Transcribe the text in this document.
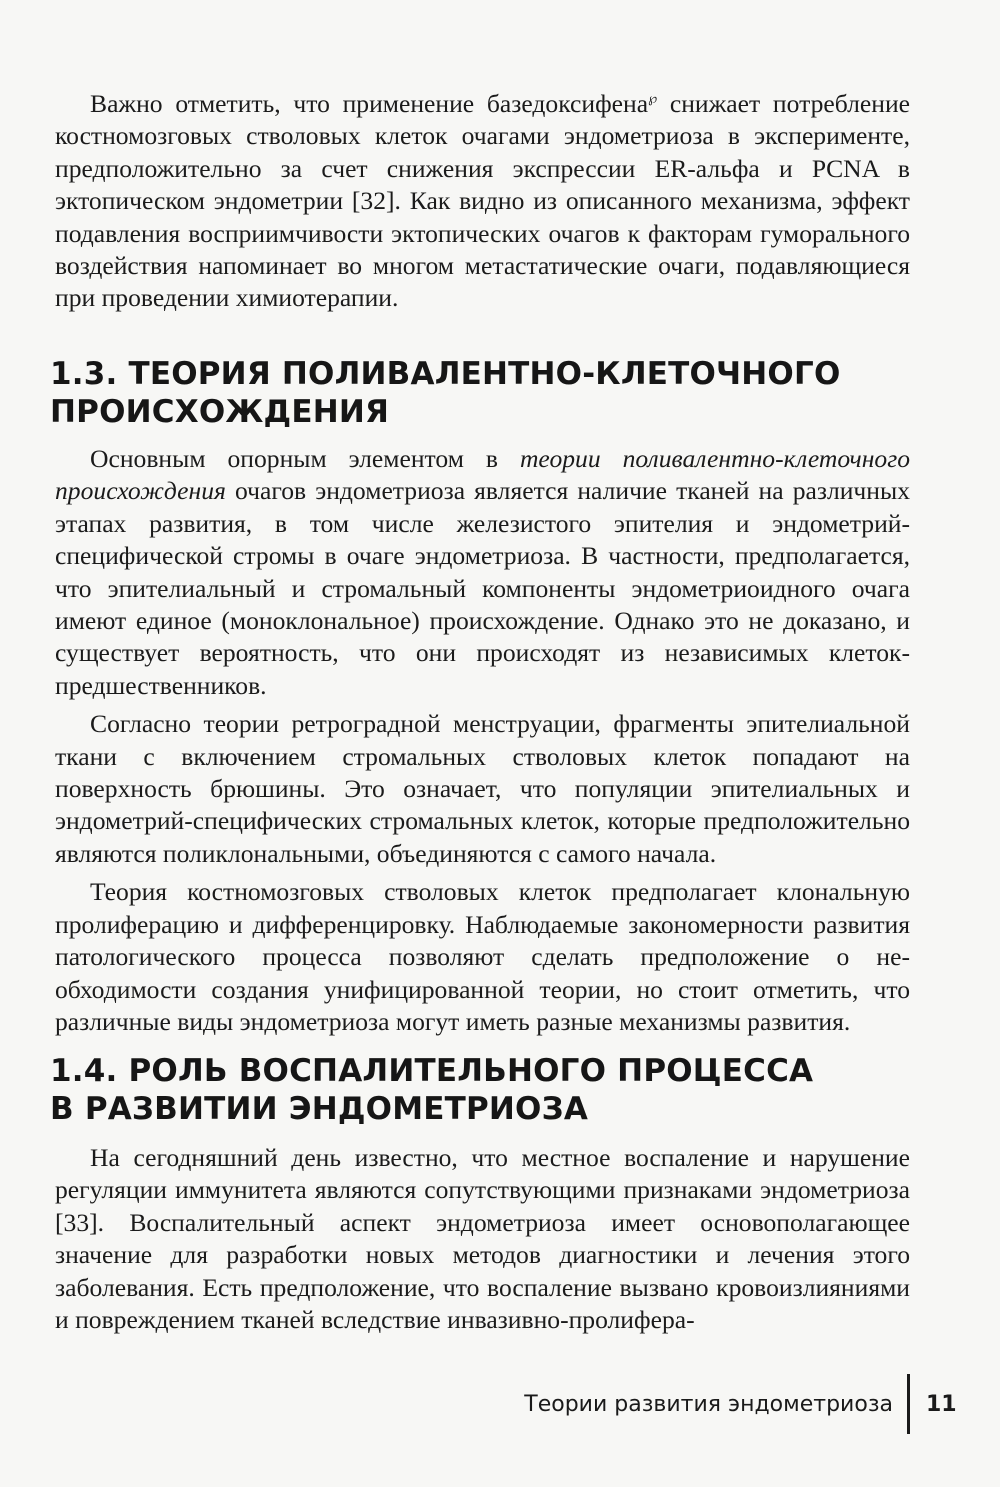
Важно отметить, что применение базедоксифена℘ снижает потребление костномозговых стволовых клеток очагами эндометриоза в эксперименте, предположительно за счет снижения экспрессии ER-альфа и PCNA в эктопическом эндометрии [32]. Как видно из описанного механизма, эффект подавления восприимчивости эктопических очагов к факторам гуморального воздействия напоминает во многом метастатические очаги, подавляющиеся при проведении химиотерапии.

1.3. ТЕОРИЯ ПОЛИВАЛЕНТНО-КЛЕТОЧНОГО
ПРОИСХОЖДЕНИЯ

Основным опорным элементом в теории поливалентно-клеточного происхождения очагов эндометриоза является наличие тканей на различных этапах развития, в том числе железистого эпителия и эндометрий-специфической стромы в очаге эндометриоза. В частности, предполагается, что эпителиальный и стромальный компоненты эндометриоидного очага имеют единое (моноклональное) происхождение. Однако это не доказано, и существует вероятность, что они происходят из независимых клеток-предшественников.

Согласно теории ретроградной менструации, фрагменты эпителиальной ткани с включением стромальных стволовых клеток попадают на поверхность брюшины. Это означает, что популяции эпителиальных и эндометрий-специфических стромальных клеток, которые предположительно являются поликлональными, объединяются с самого начала.

Теория костномозговых стволовых клеток предполагает клональную пролиферацию и дифференцировку. Наблюдаемые закономерности развития патологического процесса позволяют сделать предположение о необходимости создания унифицированной теории, но стоит отметить, что различные виды эндометриоза могут иметь разные механизмы развития.

1.4. РОЛЬ ВОСПАЛИТЕЛЬНОГО ПРОЦЕССА
В РАЗВИТИИ ЭНДОМЕТРИОЗА

На сегодняшний день известно, что местное воспаление и нарушение регуляции иммунитета являются сопутствующими признаками эндометриоза [33]. Воспалительный аспект эндометриоза имеет основополагающее значение для разработки новых методов диагностики и лечения этого заболевания. Есть предположение, что воспаление вызвано кровоизлияниями и повреждением тканей вследствие инвазивно-пролифера-

Теории развития эндометриоза	11
